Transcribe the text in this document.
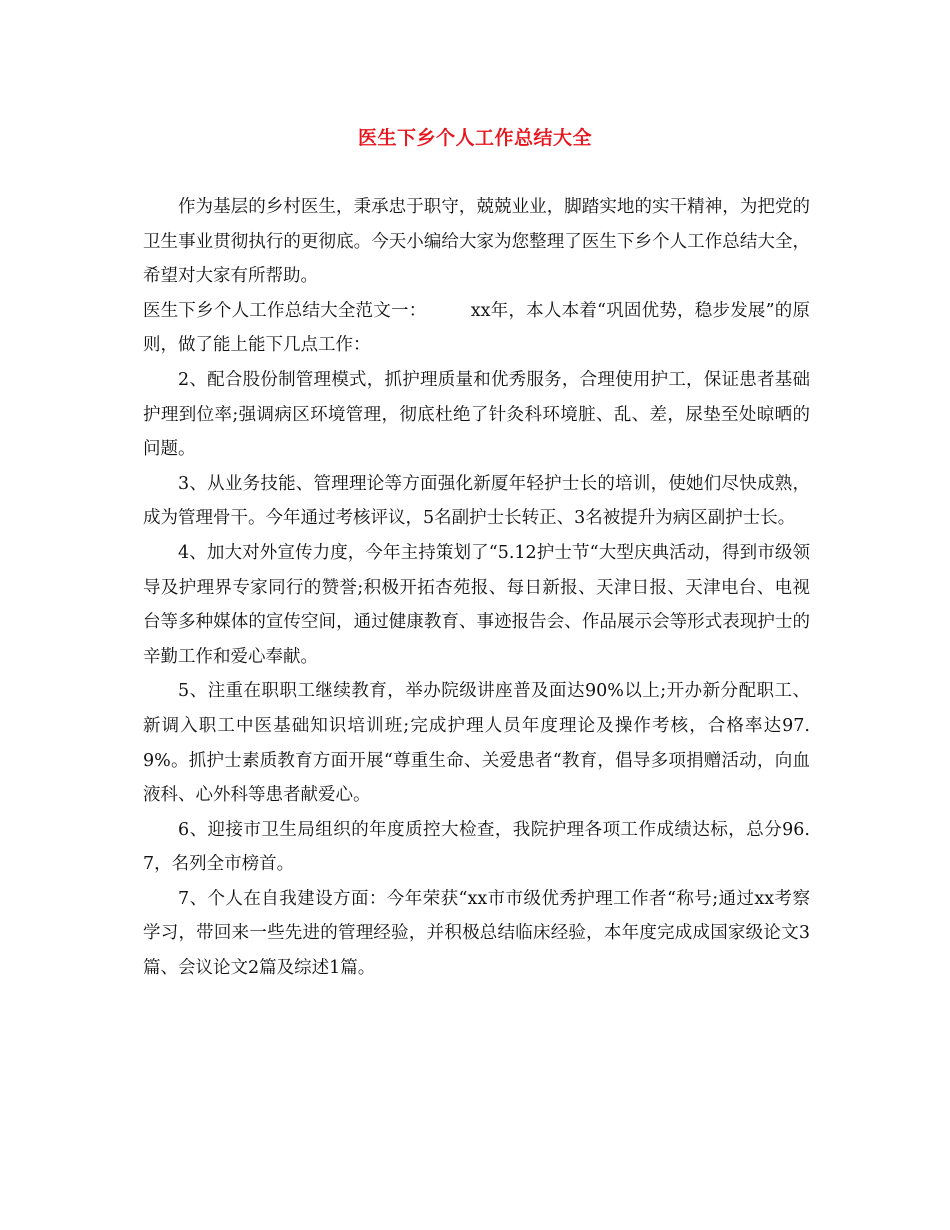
医生下乡个人工作总结大全

作为基层的乡村医生，秉承忠于职守，兢兢业业，脚踏实地的实干精神，为把党的卫生事业贯彻执行的更彻底。今天小编给大家为您整理了医生下乡个人工作总结大全，希望对大家有所帮助。

医生下乡个人工作总结大全范文一：　　　xx年，本人本着“巩固优势，稳步发展”的原则，做了能上能下几点工作：

2、配合股份制管理模式，抓护理质量和优秀服务，合理使用护工，保证患者基础护理到位率;强调病区环境管理，彻底杜绝了针灸科环境脏、乱、差，尿垫至处晾晒的问题。

3、从业务技能、管理理论等方面强化新厦年轻护士长的培训，使她们尽快成熟，成为管理骨干。今年通过考核评议，5名副护士长转正、3名被提升为病区副护士长。

4、加大对外宣传力度，今年主持策划了“5.12护士节“大型庆典活动，得到市级领导及护理界专家同行的赞誉;积极开拓杏苑报、每日新报、天津日报、天津电台、电视台等多种媒体的宣传空间，通过健康教育、事迹报告会、作品展示会等形式表现护士的辛勤工作和爱心奉献。

5、注重在职职工继续教育，举办院级讲座普及面达90%以上;开办新分配职工、新调入职工中医基础知识培训班;完成护理人员年度理论及操作考核，合格率达97.9%。抓护士素质教育方面开展“尊重生命、关爱患者“教育，倡导多项捐赠活动，向血液科、心外科等患者献爱心。

6、迎接市卫生局组织的年度质控大检查，我院护理各项工作成绩达标，总分96.7，名列全市榜首。

7、个人在自我建设方面：今年荣获“xx市市级优秀护理工作者“称号;通过xx考察学习，带回来一些先进的管理经验，并积极总结临床经验，本年度完成成国家级论文3篇、会议论文2篇及综述1篇。
